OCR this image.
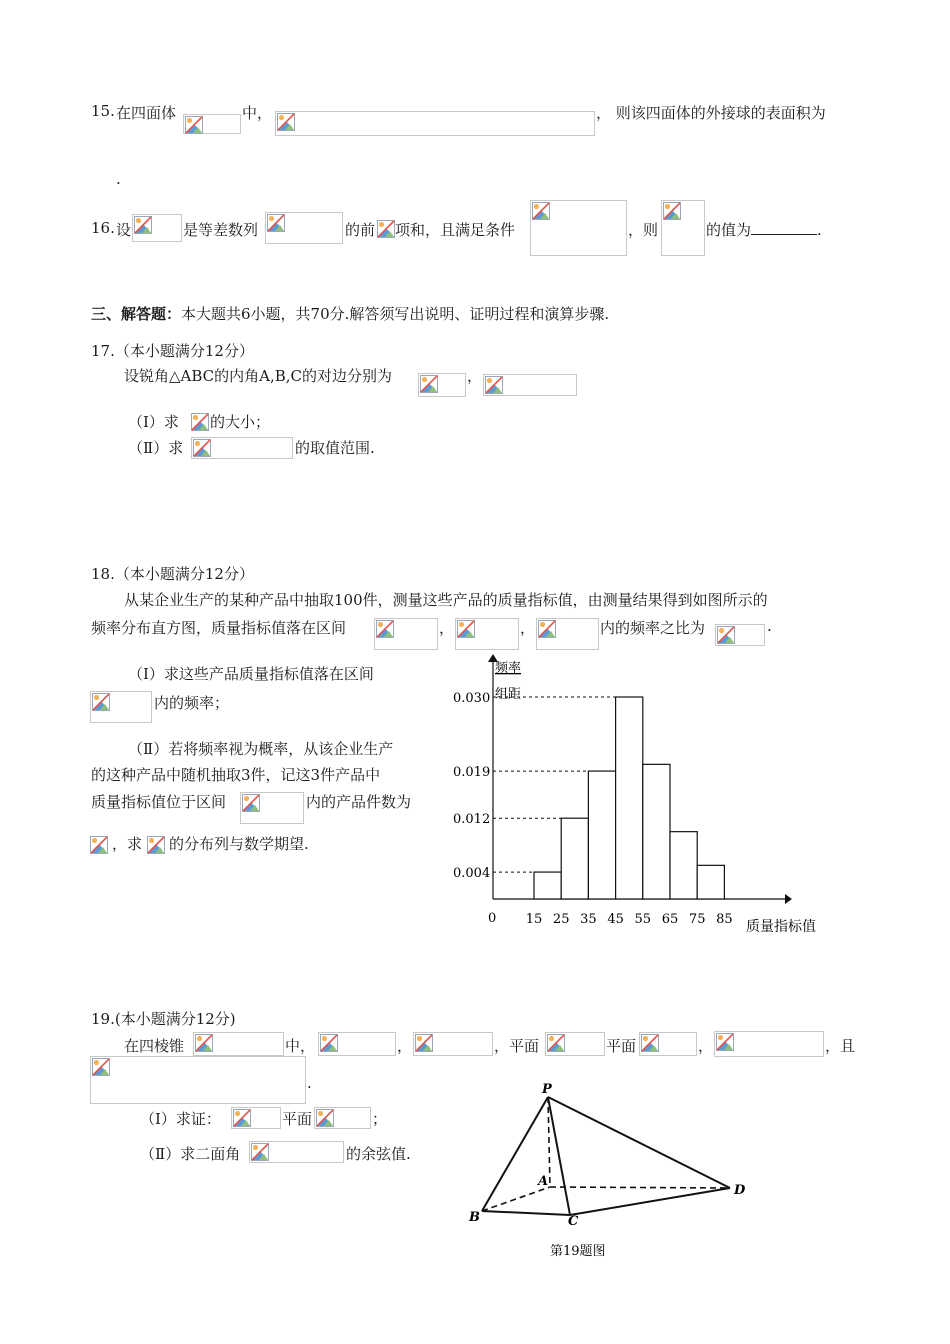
15. 在四面体	中，	， 则该四面体的外接球的表面积为
.
16. 设	是等差数列	的前 项和，且满足条件	，则	的值为	.
三、解答题：本大题共6小题，共70分.解答须写出说明、证明过程和演算步骤.
17.（本小题满分12分）
设锐角△ABC的内角A,B,C的对边分别为	，
（Ⅰ）求 的大小；
（Ⅱ）求	的取值范围.
18.（本小题满分12分）
从某企业生产的某种产品中抽取100件，测量这些产品的质量指标值，由测量结果得到如图所示的
频率分布直方图，质量指标值落在区间	，	，	内的频率之比为	.
（Ⅰ）求这些产品质量指标值落在区间
内的频率；
（Ⅱ）若将频率视为概率，从该企业生产
的这种产品中随机抽取3件，记这3件产品中
质量指标值位于区间	内的产品件数为
，求 的分布列与数学期望.
频率
组距
0
质量指标值
0.004
0.012
0.019
0.030
15 25 35 45 55 65 75 85
19.(本小题满分12分)
在四棱锥	中，	，	，平面	平面	，	，且
.
（Ⅰ）求证：	平面	；
（Ⅱ）求二面角	的余弦值.
P
A
B	C
D
第19题图
